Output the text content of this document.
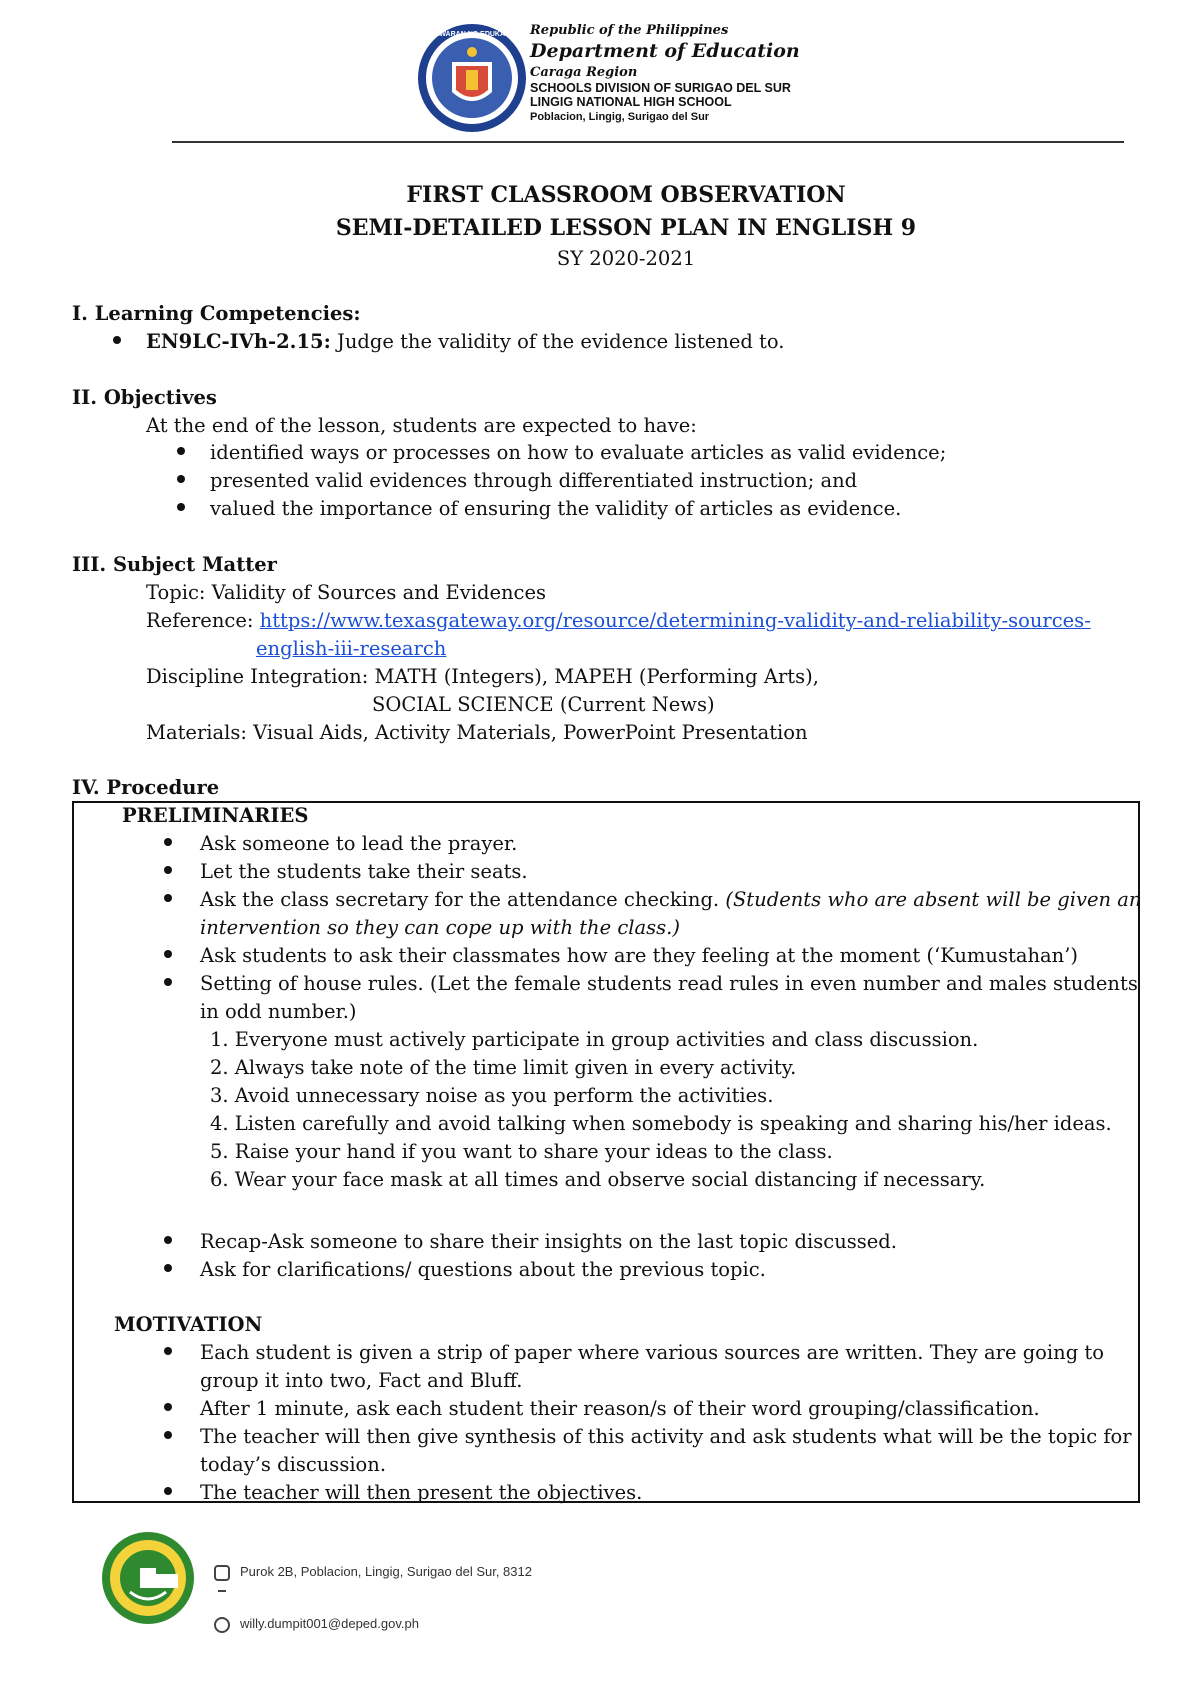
KAGAWARAN NG EDUKASYON Republic of the Philippines
Department of Education
Caraga Region
SCHOOLS DIVISION OF SURIGAO DEL SUR
LINGIG NATIONAL HIGH SCHOOL
Poblacion, Lingig, Surigao del Sur
FIRST CLASSROOM OBSERVATION
SEMI-DETAILED LESSON PLAN IN ENGLISH 9
SY 2020-2021
I. Learning Competencies:
EN9LC-IVh-2.15: Judge the validity of the evidence listened to.
II. Objectives
At the end of the lesson, students are expected to have:
identified ways or processes on how to evaluate articles as valid evidence;
presented valid evidences through differentiated instruction; and
valued the importance of ensuring the validity of articles as evidence.
III. Subject Matter
Topic: Validity of Sources and Evidences
Reference: https://www.texasgateway.org/resource/determining-validity-and-reliability-sources-
english-iii-research
Discipline Integration: MATH (Integers), MAPEH (Performing Arts),
SOCIAL SCIENCE (Current News)
Materials: Visual Aids, Activity Materials, PowerPoint Presentation
IV. Procedure
PRELIMINARIES
Ask someone to lead the prayer.
Let the students take their seats.
Ask the class secretary for the attendance checking. (Students who are absent will be given an
intervention so they can cope up with the class.)
Ask students to ask their classmates how are they feeling at the moment (‘Kumustahan’)
Setting of house rules. (Let the female students read rules in even number and males students
in odd number.)
1. Everyone must actively participate in group activities and class discussion.
2. Always take note of the time limit given in every activity.
3. Avoid unnecessary noise as you perform the activities.
4. Listen carefully and avoid talking when somebody is speaking and sharing his/her ideas.
5. Raise your hand if you want to share your ideas to the class.
6. Wear your face mask at all times and observe social distancing if necessary.
Recap-Ask someone to share their insights on the last topic discussed.
Ask for clarifications/ questions about the previous topic.
MOTIVATION
Each student is given a strip of paper where various sources are written. They are going to
group it into two, Fact and Bluff.
After 1 minute, ask each student their reason/s of their word grouping/classification.
The teacher will then give synthesis of this activity and ask students what will be the topic for
today’s discussion.
The teacher will then present the objectives.
Purok 2B, Poblacion, Lingig, Surigao del Sur, 8312
willy.dumpit001@deped.gov.ph
